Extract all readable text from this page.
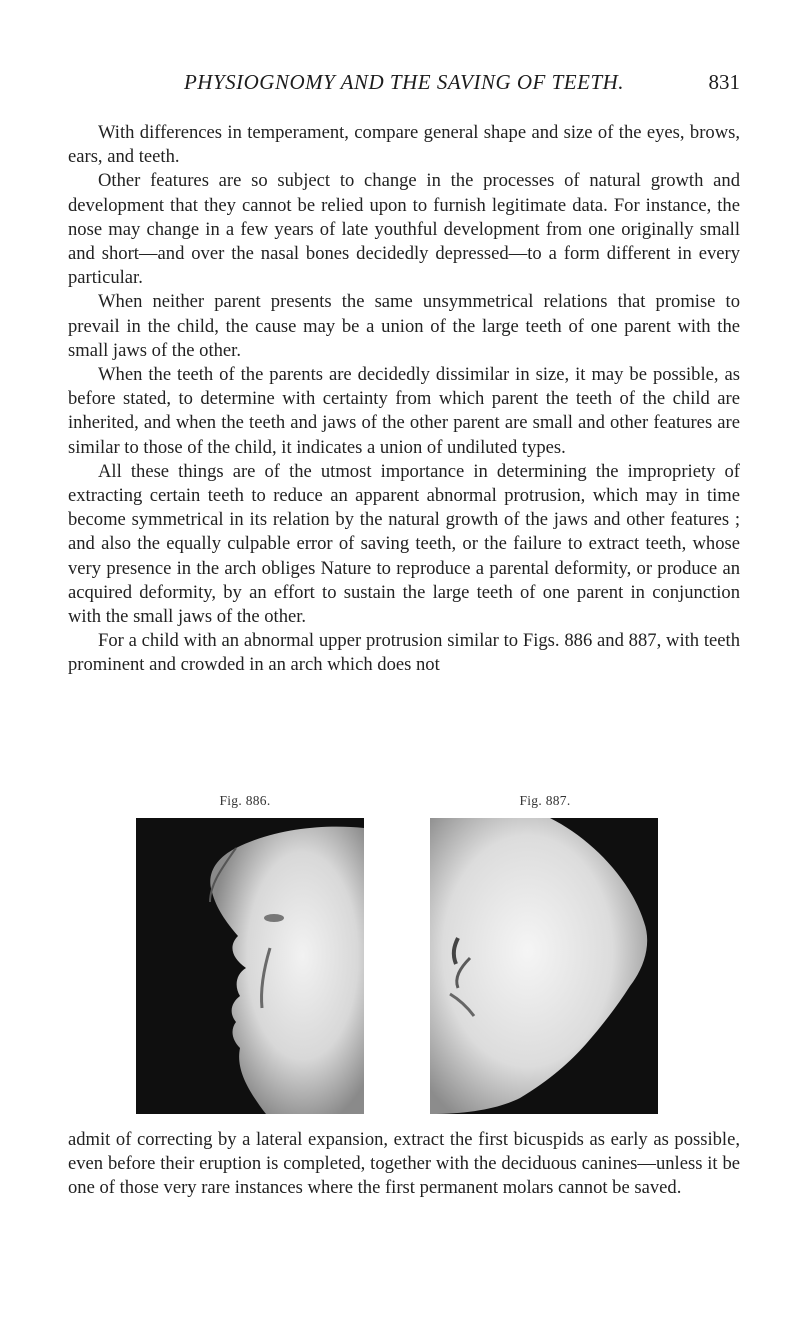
PHYSIOGNOMY AND THE SAVING OF TEETH.	831

With differences in temperament, compare general shape and size of the eyes, brows, ears, and teeth.

Other features are so subject to change in the processes of natural growth and development that they cannot be relied upon to furnish legitimate data. For instance, the nose may change in a few years of late youthful development from one originally small and short—and over the nasal bones decidedly depressed—to a form different in every particular.

When neither parent presents the same unsymmetrical relations that promise to prevail in the child, the cause may be a union of the large teeth of one parent with the small jaws of the other.

When the teeth of the parents are decidedly dissimilar in size, it may be possible, as before stated, to determine with certainty from which parent the teeth of the child are inherited, and when the teeth and jaws of the other parent are small and other features are similar to those of the child, it indicates a union of undiluted types.

All these things are of the utmost importance in determining the impropriety of extracting certain teeth to reduce an apparent abnormal protrusion, which may in time become symmetrical in its relation by the natural growth of the jaws and other features ; and also the equally culpable error of saving teeth, or the failure to extract teeth, whose very presence in the arch obliges Nature to reproduce a parental deformity, or produce an acquired deformity, by an effort to sustain the large teeth of one parent in conjunction with the small jaws of the other.

For a child with an abnormal upper protrusion similar to Figs. 886 and 887, with teeth prominent and crowded in an arch which does not

Fig. 886.	Fig. 887.

admit of correcting by a lateral expansion, extract the first bicuspids as early as possible, even before their eruption is completed, together with the deciduous canines—unless it be one of those very rare instances where the first permanent molars cannot be saved.
